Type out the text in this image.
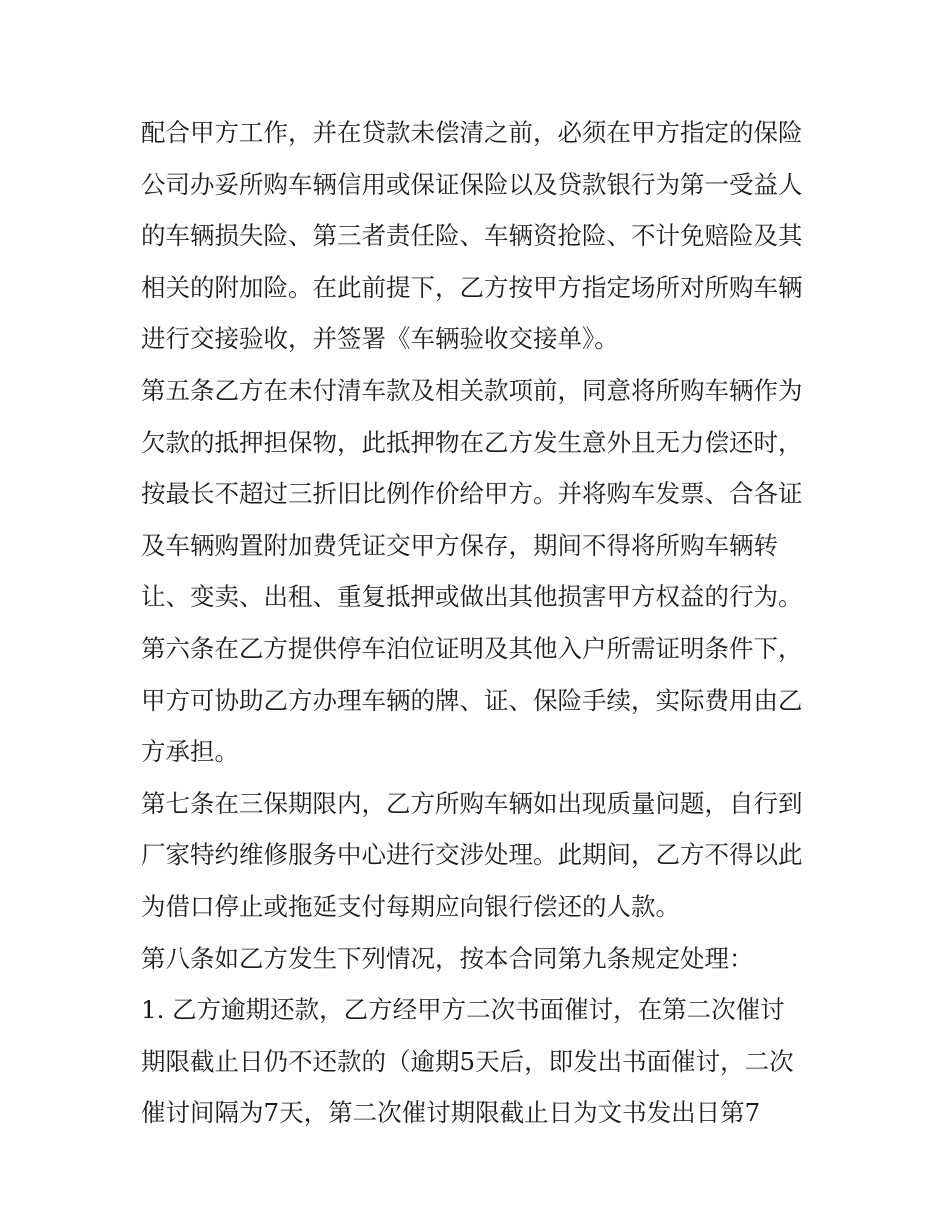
配合甲方工作，并在贷款未偿清之前，必须在甲方指定的保险
公司办妥所购车辆信用或保证保险以及贷款银行为第一受益人
的车辆损失险、第三者责任险、车辆资抢险、不计免赔险及其
相关的附加险。在此前提下，乙方按甲方指定场所对所购车辆
进行交接验收，并签署《车辆验收交接单》。
第五条乙方在未付清车款及相关款项前，同意将所购车辆作为
欠款的抵押担保物，此抵押物在乙方发生意外且无力偿还时，
按最长不超过三折旧比例作价给甲方。并将购车发票、合各证
及车辆购置附加费凭证交甲方保存，期间不得将所购车辆转
让、变卖、出租、重复抵押或做出其他损害甲方权益的行为。
第六条在乙方提供停车泊位证明及其他入户所需证明条件下，
甲方可协助乙方办理车辆的牌、证、保险手续，实际费用由乙
方承担。
第七条在三保期限内，乙方所购车辆如出现质量问题，自行到
厂家特约维修服务中心进行交涉处理。此期间，乙方不得以此
为借口停止或拖延支付每期应向银行偿还的人款。
第八条如乙方发生下列情况，按本合同第九条规定处理：
1. 乙方逾期还款，乙方经甲方二次书面催讨，在第二次催讨
期限截止日仍不还款的（逾期5天后，即发出书面催讨，二次
催讨间隔为7天，第二次催讨期限截止日为文书发出日第7
